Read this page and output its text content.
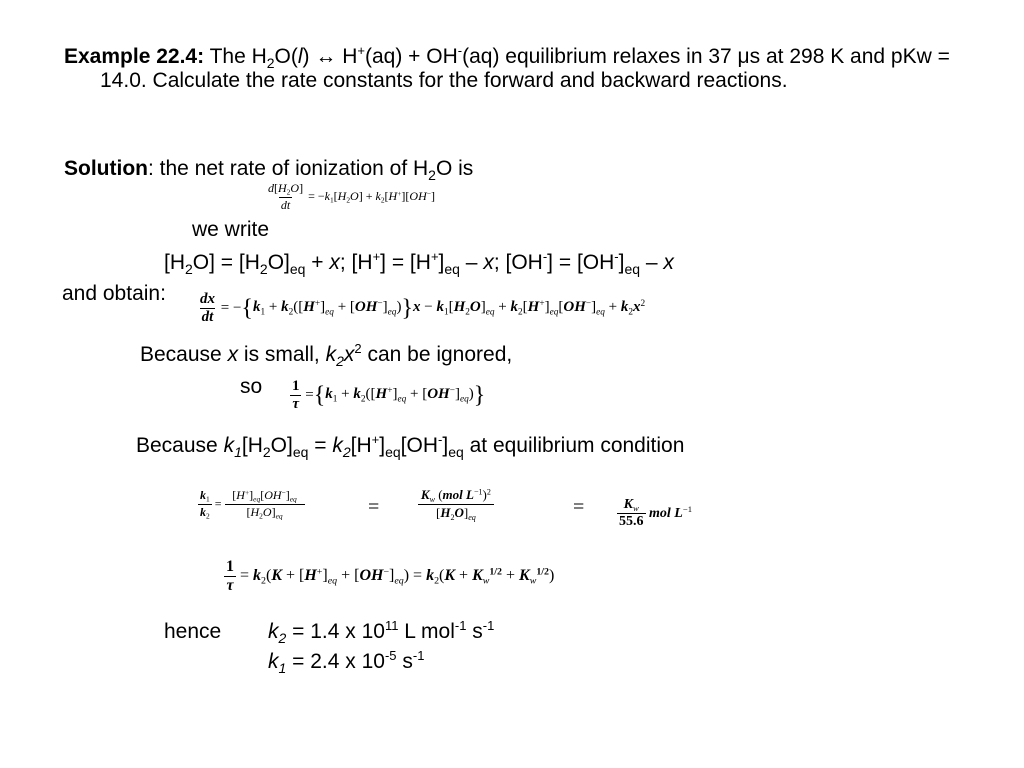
Example 22.4: The $H_2O(l)$ ↔ H+(aq) + OH-(aq) equilibrium relaxes in 37 μs at 298 K and pKw = 14.0. Calculate the rate constants for the forward and backward reactions.
Solution: the net rate of ionization of $H_2O$ is
$\frac{d[H_2O]}{dt} = -k_1[H_2O] + k_2[H^+][OH^-]$
we write
$[H_2O] = [H_2O]_{eq} + x$; $[H^+] = [H^+]_{eq} - x$; $[OH^-] = [OH^-]_{eq} - x$
and obtain: $\frac{dx}{dt} = -\{k_1 + k_2([H^+]_{eq} + [OH^-]_{eq})\}x - k_1[H_2O]_{eq} + k_2[H^+]_{eq}[OH^-]_{eq} + k_2x^2$
Because x is small, $k_2x^2$ can be ignored,
so $\frac{1}{\tau} =\{k_1 + k_2([H^+]_{eq} + [OH^-]_{eq})\}$
Because $k_1[H_2O]_{eq} = k_2[H^+]_{eq}[OH^-]_{eq}$ at equilibrium condition
$\frac{k_1}{k_2} = \frac{[H^+]_{eq}[OH^-]_{eq}}{[H_2O]_{eq}}$	=	$\frac{K_w (mol L^{-1})^2}{[H_2O]_{eq}}$	= $\frac{K_w}{55.6}$ mol $L^{-1}$
$\frac{1}{\tau} = k_2(K + [H^+]_{eq} + [OH^-]_{eq}) = k_2(K + K_w^{1/2} + K_w^{1/2})$
hence $k_2 = 1.4$ x $10^{11}$ L mol$^{-1}$ $s^{-1}$
$k_1 = 2.4$ x $10^{-5}$ $s^{-1}$
